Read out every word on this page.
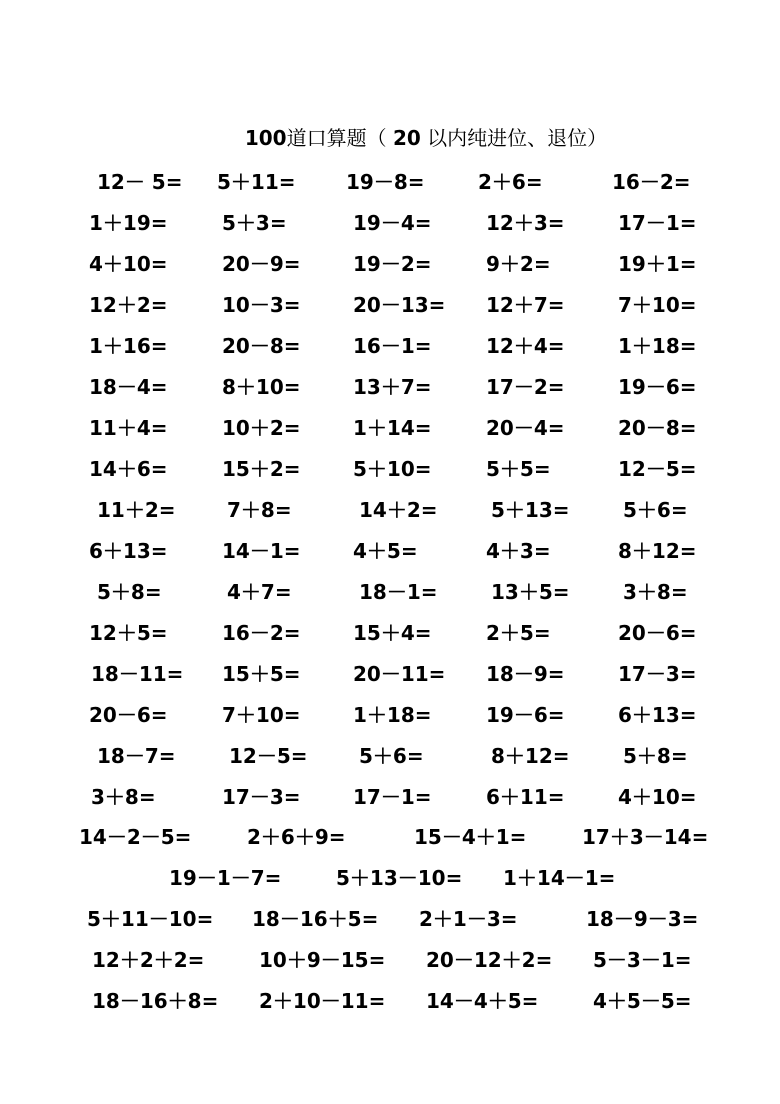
100道口算题（ 20 以内纯进位、退位）
12－ 5= 5＋11=	19－8=	2＋6=	16－2=
1＋19=	5＋3=	19－4=	12＋3=	17－1=
4＋10=	20－9=	19－2=	9＋2=	19＋1=
12＋2=	10－3=	20－13= 12＋7=	7＋10=
1＋16=	20－8=	16－1=	12＋4=	1＋18=
18－4=	8＋10=	13＋7=	17－2=	19－6=
11＋4=	10＋2=	1＋14=	20－4=	20－8=
14＋6=	15＋2=	5＋10=	5＋5=	12－5=
11＋2=	7＋8=	14＋2=	5＋13=	5＋6=
6＋13=	14－1=	4＋5=	4＋3=	8＋12=
5＋8=	4＋7=	18－1=	13＋5=	3＋8=
12＋5=	16－2=	15＋4=	2＋5=	20－6=
18－11= 15＋5=	20－11= 18－9=	17－3=
20－6=	7＋10=	1＋18=	19－6=	6＋13=
18－7=	12－5=	5＋6=	8＋12=	5＋8=
3＋8=	17－3=	17－1=	6＋11=	4＋10=
14－2－5=	2＋6＋9=	15－4＋1=	17＋3－14=
19－1－7=	5＋13－10= 1＋14－1=
5＋11－10= 18－16＋5= 2＋1－3=	18－9－3=
12＋2＋2=	10＋9－15= 20－12＋2= 5－3－1=
18－16＋8= 2＋10－11= 14－4＋5=	4＋5－5=
